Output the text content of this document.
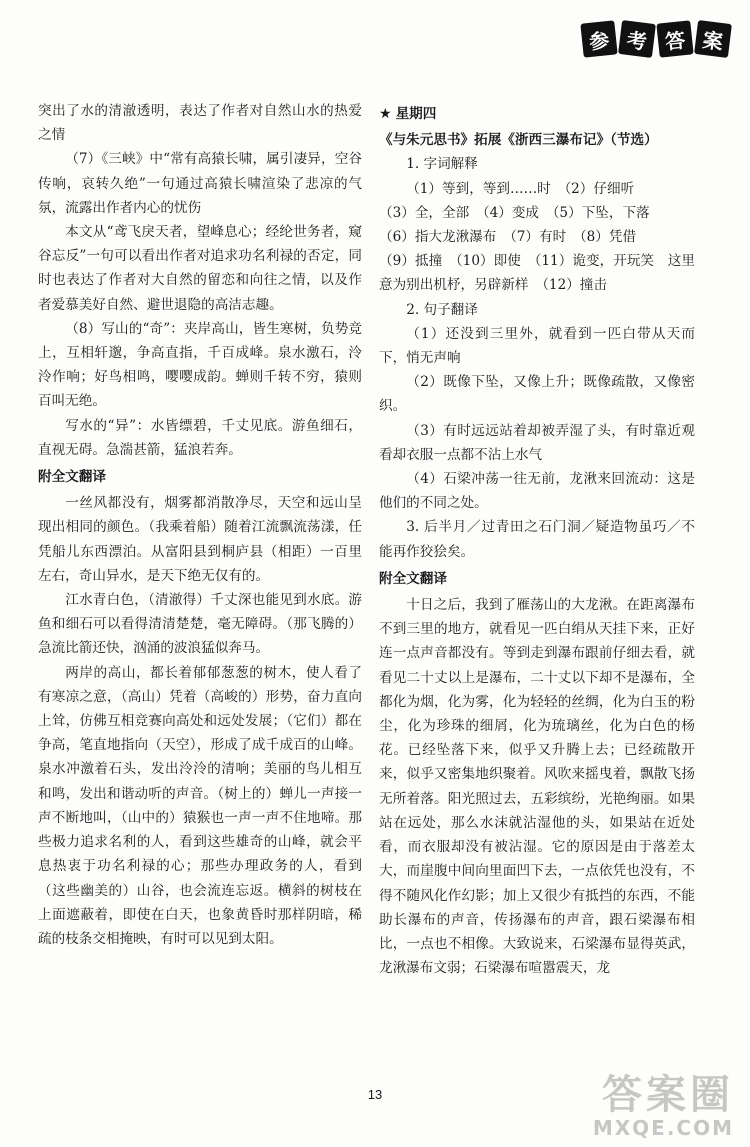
参 考 答 案

突出了水的清澈透明，表达了作者对自然山水的热爱之情

（7）《三峡》中“常有高猿长啸，属引凄异，空谷传响，哀转久绝”一句通过高猿长啸渲染了悲凉的气氛，流露出作者内心的忧伤

本文从“鸢飞戾天者，望峰息心；经纶世务者，窥谷忘反”一句可以看出作者对追求功名利禄的否定，同时也表达了作者对大自然的留恋和向往之情，以及作者爱慕美好自然、避世退隐的高洁志趣。

（8）写山的“奇”：夹岸高山，皆生寒树，负势竞上，互相轩邈，争高直指，千百成峰。泉水激石，泠泠作响；好鸟相鸣，嘤嘤成韵。蝉则千转不穷，猿则百叫无绝。

写水的“异”：水皆缥碧，千丈见底。游鱼细石，直视无碍。急湍甚箭，猛浪若奔。

附全文翻译

一丝风都没有，烟雾都消散净尽，天空和远山呈现出相同的颜色。（我乘着船）随着江流飘流荡漾，任凭船儿东西漂泊。从富阳县到桐庐县（相距）一百里左右，奇山异水，是天下绝无仅有的。

江水青白色，（清澈得）千丈深也能见到水底。游鱼和细石可以看得清清楚楚，毫无障碍。（那飞腾的）急流比箭还快，汹涌的波浪猛似奔马。

两岸的高山，都长着郁郁葱葱的树木，使人看了有寒凉之意，（高山）凭着（高峻的）形势，奋力直向上耸，仿佛互相竞赛向高处和远处发展；（它们）都在争高，笔直地指向（天空），形成了成千成百的山峰。泉水冲激着石头，发出泠泠的清响；美丽的鸟儿相互和鸣，发出和谐动听的声音。（树上的）蝉儿一声接一声不断地叫，（山中的）猿猴也一声一声不住地啼。那些极力追求名利的人，看到这些雄奇的山峰，就会平息热衷于功名利禄的心；那些办理政务的人，看到（这些幽美的）山谷，也会流连忘返。横斜的树枝在上面遮蔽着，即使在白天，也象黄昏时那样阴暗，稀疏的枝条交相掩映，有时可以见到太阳。

★ 星期四

《与朱元思书》拓展《浙西三瀑布记》（节选）

1. 字词解释

（1）等到，等到……时　（2）仔细听

（3）全，全部　（4）变成　（5）下坠，下落

（6）指大龙湫瀑布　（7）有时　（8）凭借

（9）抵撞　（10）即使　（11）诡变，开玩笑　这里意为别出机杼，另辟新样　（12）撞击

2. 句子翻译

（1）还没到三里外，就看到一匹白带从天而下，悄无声响

（2）既像下坠，又像上升；既像疏散，又像密织。

（3）有时远远站着却被弄湿了头，有时靠近观看却衣服一点都不沾上水气

（4）石梁冲荡一往无前，龙湫来回流动：这是他们的不同之处。

3. 后半月／过青田之石门洞／疑造物虽巧／不能再作狡狯矣。

附全文翻译

十日之后，我到了雁荡山的大龙湫。在距离瀑布不到三里的地方，就看见一匹白绢从天挂下来，正好连一点声音都没有。等到走到瀑布跟前仔细去看，就看见二十丈以上是瀑布，二十丈以下却不是瀑布，全都化为烟，化为雾，化为轻轻的丝绸，化为白玉的粉尘，化为珍珠的细屑，化为琉璃丝，化为白色的杨花。已经坠落下来，似乎又升腾上去；已经疏散开来，似乎又密集地织聚着。风吹来摇曳着，飘散飞扬无所着落。阳光照过去，五彩缤纷，光艳绚丽。如果站在远处，那么水沫就沾湿他的头，如果站在近处看，而衣服却没有被沾湿。它的原因是由于落差太大，而崖腹中间向里面凹下去，一点依凭也没有，不得不随风化作幻影；加上又很少有抵挡的东西，不能助长瀑布的声音，传扬瀑布的声音，跟石梁瀑布相比，一点也不相像。大致说来，石梁瀑布显得英武，龙湫瀑布文弱；石梁瀑布喧嚣震天，龙

13	答案圈
MXQE.COM
